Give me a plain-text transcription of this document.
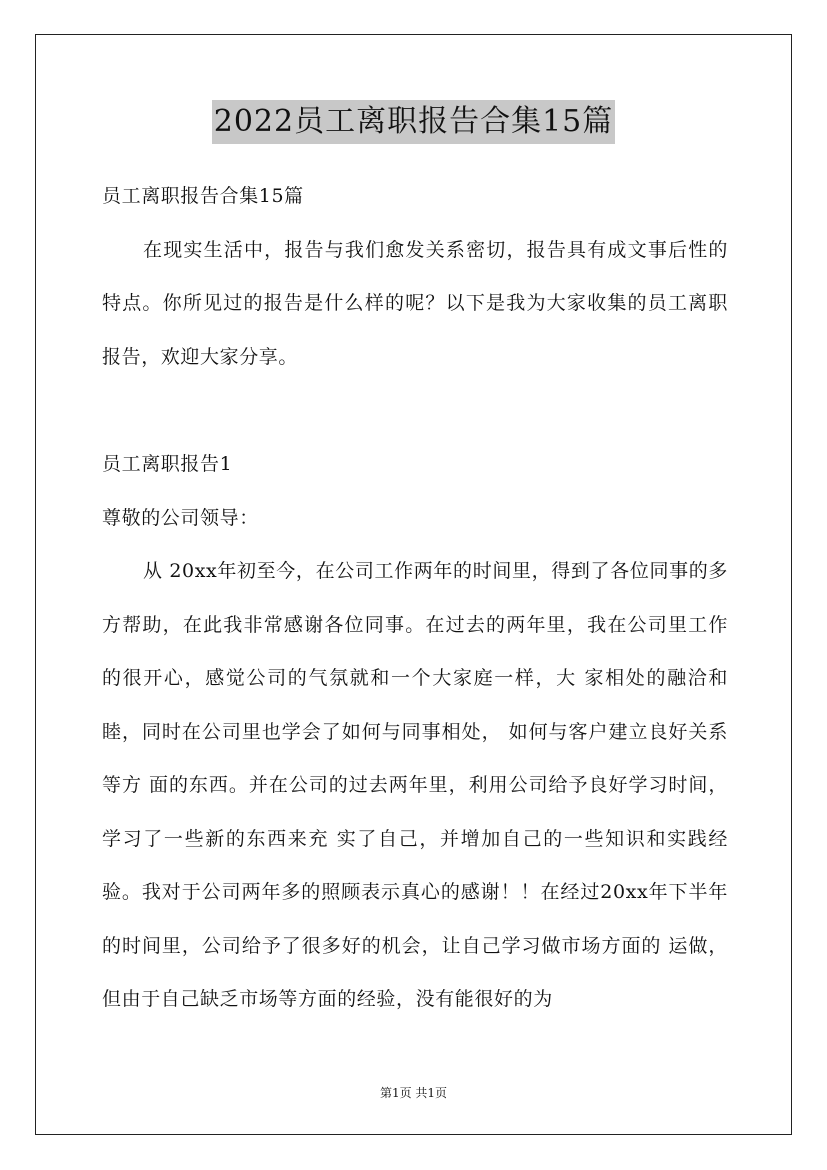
2022员工离职报告合集15篇

员工离职报告合集15篇

在现实生活中，报告与我们愈发关系密切，报告具有成文事后性的特点。你所见过的报告是什么样的呢？以下是我为大家收集的员工离职报告，欢迎大家分享。

员工离职报告1

尊敬的公司领导：

从 20xx年初至今，在公司工作两年的时间里，得到了各位同事的多方帮助，在此我非常感谢各位同事。在过去的两年里，我在公司里工作的很开心，感觉公司的气氛就和一个大家庭一样，大 家相处的融洽和睦，同时在公司里也学会了如何与同事相处， 如何与客户建立良好关系等方 面的东西。并在公司的过去两年里，利用公司给予良好学习时间，学习了一些新的东西来充 实了自己，并增加自己的一些知识和实践经验。我对于公司两年多的照顾表示真心的感谢！！在经过20xx年下半年的时间里，公司给予了很多好的机会，让自己学习做市场方面的 运做，但由于自己缺乏市场等方面的经验，没有能很好的为

第1页 共1页
